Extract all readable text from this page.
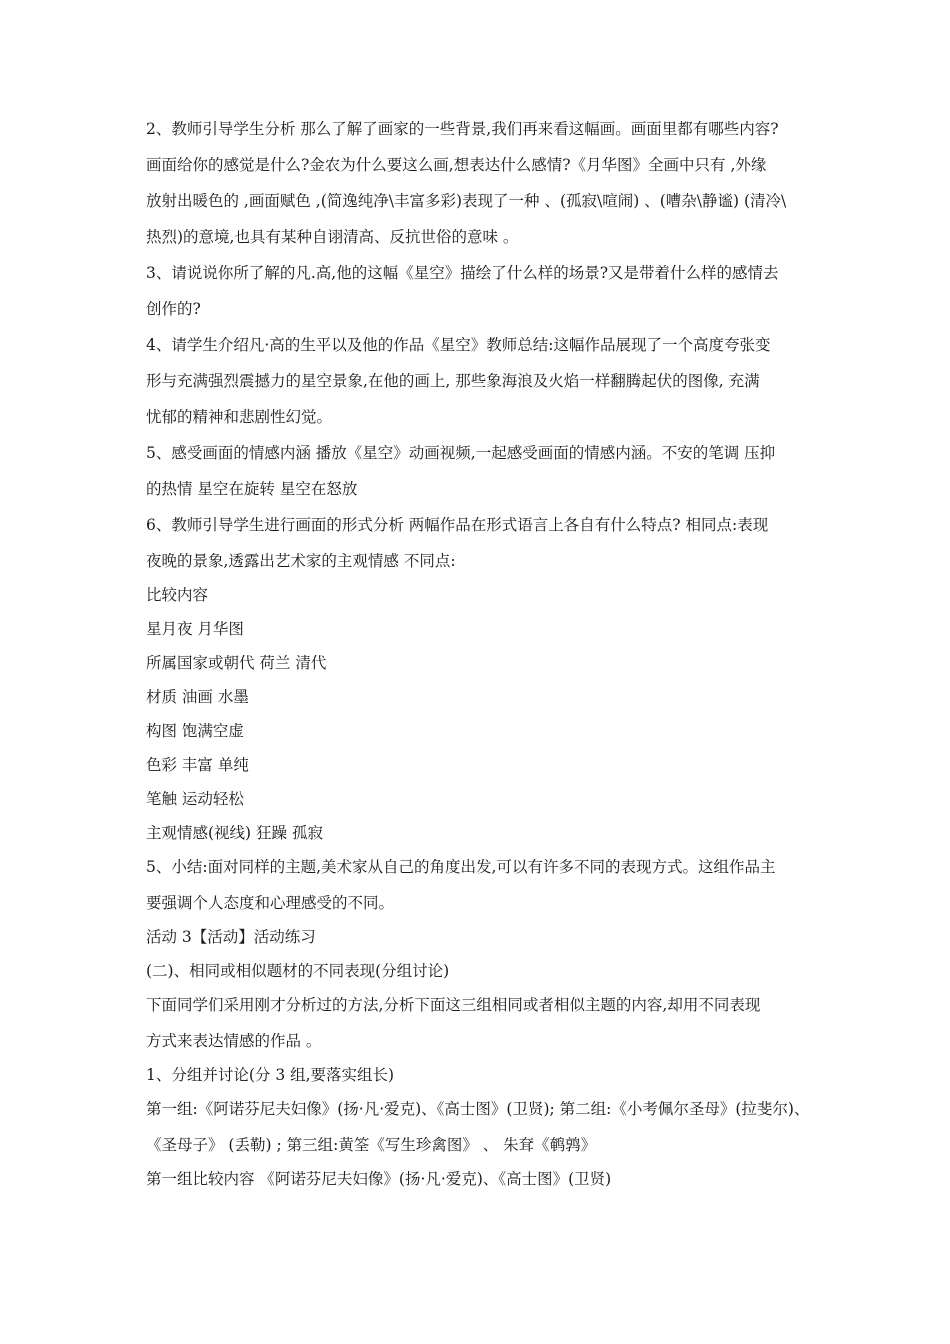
2、教师引导学生分析 那么了解了画家的一些背景,我们再来看这幅画。画面里都有哪些内容?

画面给你的感觉是什么?金农为什么要这么画,想表达什么感情?《月华图》全画中只有 ,外缘

放射出暖色的 ,画面赋色 ,(简逸纯净\丰富多彩)表现了一种 、(孤寂\喧闹) 、(嘈杂\静谧) (清冷\

热烈)的意境,也具有某种自诩清高、反抗世俗的意味 。

3、请说说你所了解的凡.高,他的这幅《星空》描绘了什么样的场景?又是带着什么样的感情去

创作的?

4、请学生介绍凡·高的生平以及他的作品《星空》教师总结:这幅作品展现了一个高度夸张变

形与充满强烈震撼力的星空景象,在他的画上, 那些象海浪及火焰一样翻腾起伏的图像, 充满

忧郁的精神和悲剧性幻觉。

5、感受画面的情感内涵 播放《星空》动画视频,一起感受画面的情感内涵。不安的笔调 压抑

的热情 星空在旋转 星空在怒放

6、教师引导学生进行画面的形式分析 两幅作品在形式语言上各自有什么特点? 相同点:表现

夜晚的景象,透露出艺术家的主观情感 不同点:

比较内容

星月夜 月华图

所属国家或朝代 荷兰 清代

材质 油画 水墨

构图 饱满空虚

色彩 丰富 单纯

笔触 运动轻松

主观情感(视线) 狂躁 孤寂

5、小结:面对同样的主题,美术家从自己的角度出发,可以有许多不同的表现方式。这组作品主

要强调个人态度和心理感受的不同。

活动 3【活动】活动练习

(二)、相同或相似题材的不同表现(分组讨论)

下面同学们采用刚才分析过的方法,分析下面这三组相同或者相似主题的内容,却用不同表现

方式来表达情感的作品 。

1、分组并讨论(分 3 组,要落实组长)

第一组:《阿诺芬尼夫妇像》(扬·凡·爱克)、《高士图》(卫贤); 第二组:《小考佩尔圣母》(拉斐尔)、

《圣母子》 (丢勒) ; 第三组:黄筌《写生珍禽图》 、 朱耷《鹌鹑》

第一组比较内容 《阿诺芬尼夫妇像》(扬·凡·爱克)、《高士图》(卫贤)
